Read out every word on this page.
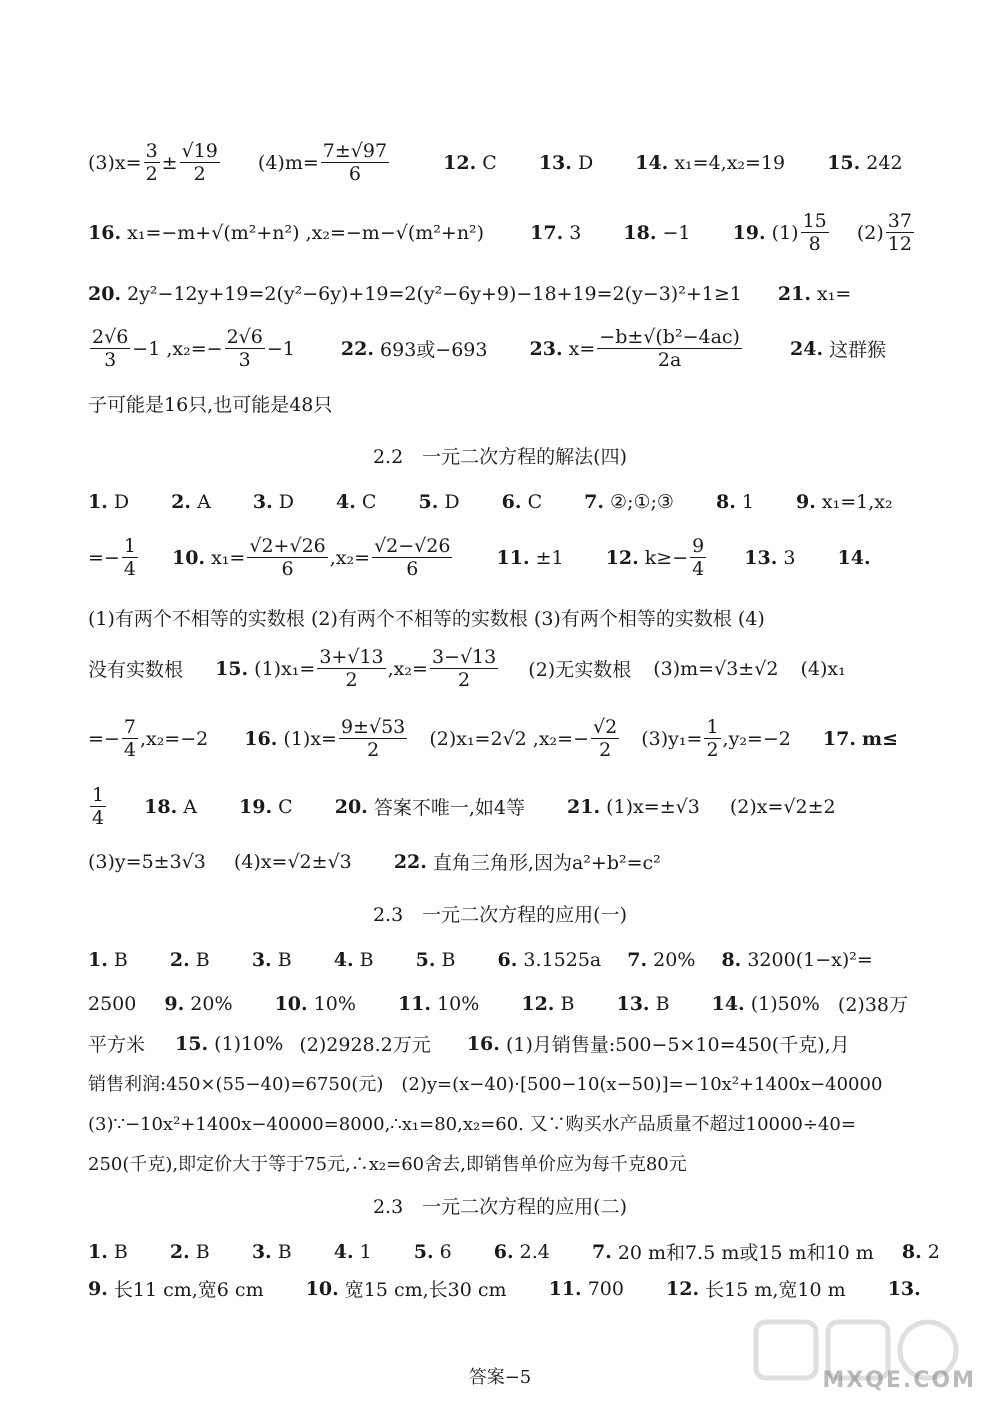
$(3)x= \frac{3}{2} \pm \frac{√19}{2} (4)m= \frac{7\pm√97}{6}$	12. C 13. D 14. x₁=4,x₂=19 15. 242
16. x₁=−m+√(m²+n²) ,x₂=−m−√(m²+n²) 17. 3 18. −1 19. $(1) \frac{15}{8} (2) \frac{37}{12}$
20. 2y²−12y+19=2(y²−6y)+19=2(y²−6y+9)−18+19=2(y−3)²+1≥1 21. x₁=
$\frac{2√6}{3} -1$ $,x_2=- \frac{2√6}{3} -1$ 22. 693或−693 23. $x= \frac{\text{−b±√(b²−4ac)}}{2a}$	24. 这群猴
子可能是16只,也可能是48只
2.2　一元二次方程的解法(四)
1. D 2. A 3. D 4. C 5. D 6. C 7. ②;①;③ 8. 1 9. x₁=1,x₂
=− $\frac{1}{4} 10$. $x_1= \frac{√2+√26}{6} ,x_2= \frac{√2-√26}{6} 11$. ±1 12. $k\ge- \frac{9}{4} 13$. 3 14.
(1)有两个不相等的实数根 (2)有两个不相等的实数根 (3)有两个相等的实数根 (4)
没有实数根 15. $(1)x_1= \frac{3+√13}{2} ,x_2= \frac{3-√13}{2} (2)$无实数根 (3)m=√3±√2 (4)x₁
=− $\frac{7}{4} ,x_2=-2$ 16. $(1)x= \frac{9\pm√53}{2} (2)x_1=2√2$ $,x_2=- \frac{√2}{2} (3)y_1= \frac{1}{2} ,y_2=-2$ 17. m≤
$\frac{1}{4} 18$. A 19. C 20. 答案不唯一,如4等 21. (1)x=±√3 (2)x=√2±2
(3)y=5±3√3 (4)x=√2±√3 22. 直角三角形,因为a²+b²=c²
2.3　一元二次方程的应用(一)
1. B 2. B 3. B 4. B 5. B 6. 3.1525a 7. 20% 8. 3200(1−x)²=
2500 9. 20% 10. 10% 11. 10% 12. B 13. B 14. (1)50% (2)38万
平方米 15. (1)10% (2)2928.2万元 16. (1)月销售量:500−5×10=450(千克),月
销售利润:450×(55−40)=6750(元)　(2)y=(x−40)·[500−10(x−50)]=−10x²+1400x−40000
(3)∵−10x²+1400x−40000=8000,∴x₁=80,x₂=60. 又∵购买水产品质量不超过10000÷40=
250(千克),即定价大于等于75元,∴x₂=60舍去,即销售单价应为每千克80元
2.3　一元二次方程的应用(二)
1. B 2. B 3. B 4. 1 5. 6 6. 2.4 7. 20 m和7.5 m或15 m和10 m 8. 2
9. 长11 cm,宽6 cm 10. 宽15 cm,长30 cm 11. 700 12. 长15 m,宽10 m 13.
答案−5	MXQE.COM
